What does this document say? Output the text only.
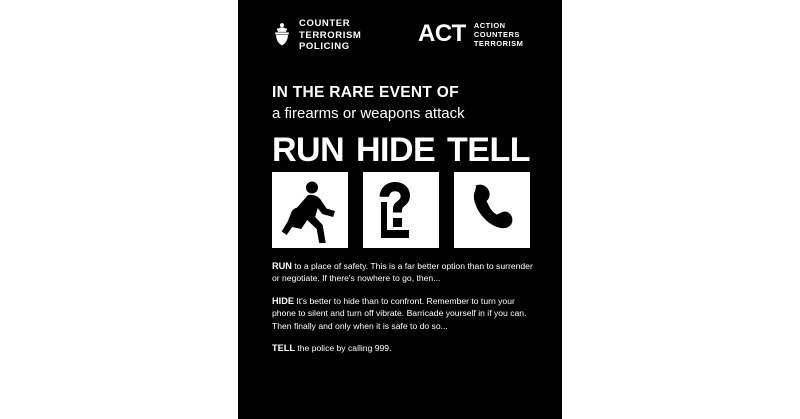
COUNTER
TERRORISM
POLICING	ACT ACTION
COUNTERS
TERRORISM
IN THE RARE EVENT OF
a firearms or weapons attack
RUN HIDE TELL

RUN to a place of safety. This is a far better option than to surrender or negotiate. If there's nowhere to go, then...

HIDE It's better to hide than to confront. Remember to turn your phone to silent and turn off vibrate. Barricade yourself in if you can. Then finally and only when it is safe to do so...

TELL the police by calling 999.
